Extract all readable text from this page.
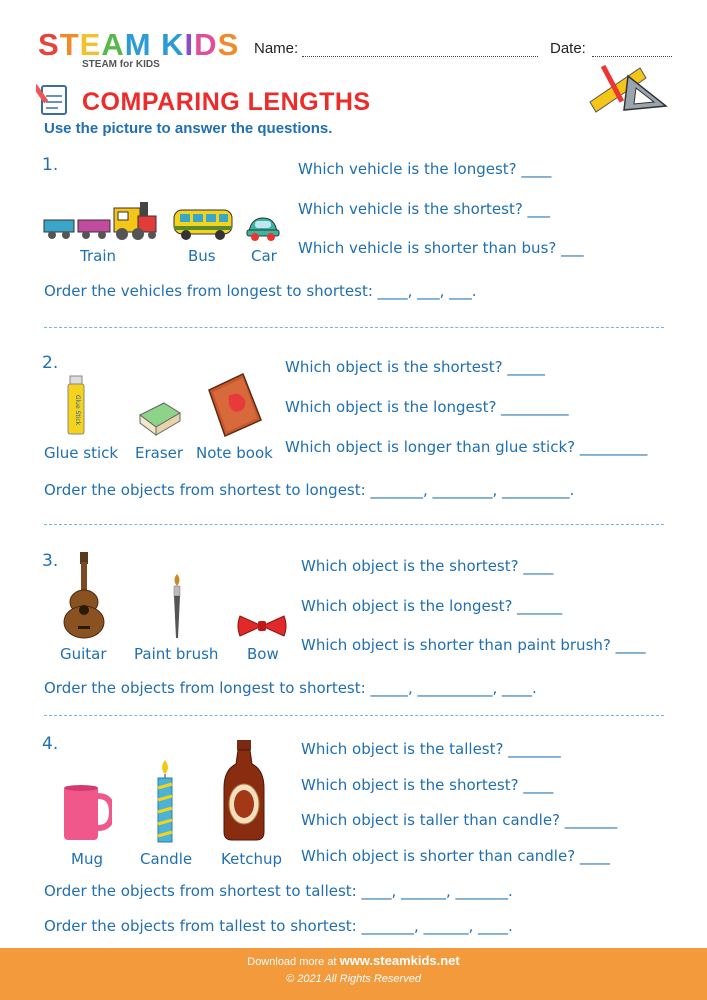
STEAM KIDS
STEAM for KIDS
Name:	Date:
COMPARING LENGTHS
Use the picture to answer the questions.
1.
Train	Bus Car
Which vehicle is the longest? ____
Which vehicle is the shortest? ___
Which vehicle is shorter than bus? ___
Order the vehicles from longest to shortest: ____, ___, ___.
2.
Glue Stick
Glue stick Eraser Note book
Which object is the shortest? _____
Which object is the longest? _________
Which object is longer than glue stick? _________
Order the objects from shortest to longest: _______, ________, _________.
3.
Guitar Paint brush Bow
Which object is the shortest? ____
Which object is the longest? ______
Which object is shorter than paint brush? ____
Order the objects from longest to shortest: _____, __________, ____.
4.
Mug Candle Ketchup
Which object is the tallest? _______
Which object is the shortest? ____
Which object is taller than candle? _______
Which object is shorter than candle? ____
Order the objects from shortest to tallest: ____, ______, _______.
Order the objects from tallest to shortest: _______, ______, ____.
Download more at www.steamkids.net
© 2021 All Rights Reserved
